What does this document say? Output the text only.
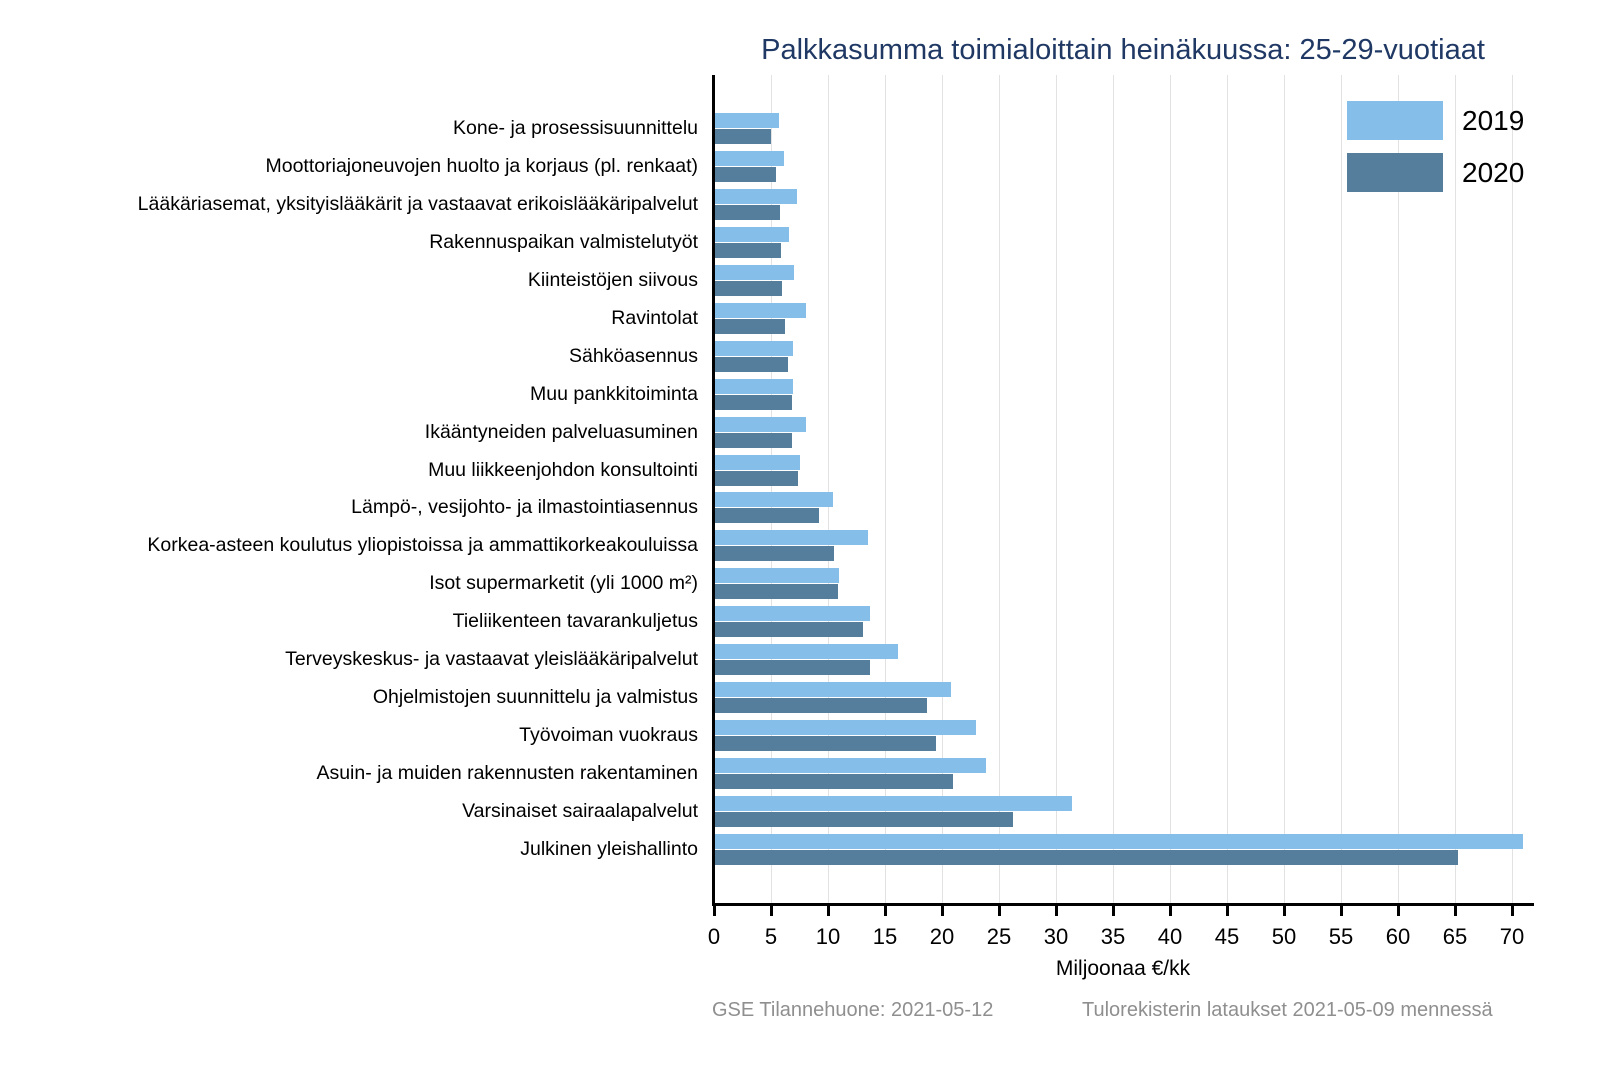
Palkkasumma toimialoittain heinäkuussa: 25-29-vuotiaat
Kone- ja prosessisuunnittelu
Moottoriajoneuvojen huolto ja korjaus (pl. renkaat)
Lääkäriasemat, yksityislääkärit ja vastaavat erikoislääkäripalvelut
Rakennuspaikan valmistelutyöt
Kiinteistöjen siivous
Ravintolat
Sähköasennus
Muu pankkitoiminta
Ikääntyneiden palveluasuminen
Muu liikkeenjohdon konsultointi
Lämpö-, vesijohto- ja ilmastointiasennus
Korkea-asteen koulutus yliopistoissa ja ammattikorkeakouluissa
Isot supermarketit (yli 1000 m²)
Tieliikenteen tavarankuljetus
Terveyskeskus- ja vastaavat yleislääkäripalvelut
Ohjelmistojen suunnittelu ja valmistus
Työvoiman vuokraus
Asuin- ja muiden rakennusten rakentaminen
Varsinaiset sairaalapalvelut
Julkinen yleishallinto
0	5	10	15	20	25	30	35	40	45	50	55	60	65	70
Miljoonaa €/kk
2019
2020
GSE Tilannehuone: 2021-05-12	Tulorekisterin lataukset 2021-05-09 mennessä
